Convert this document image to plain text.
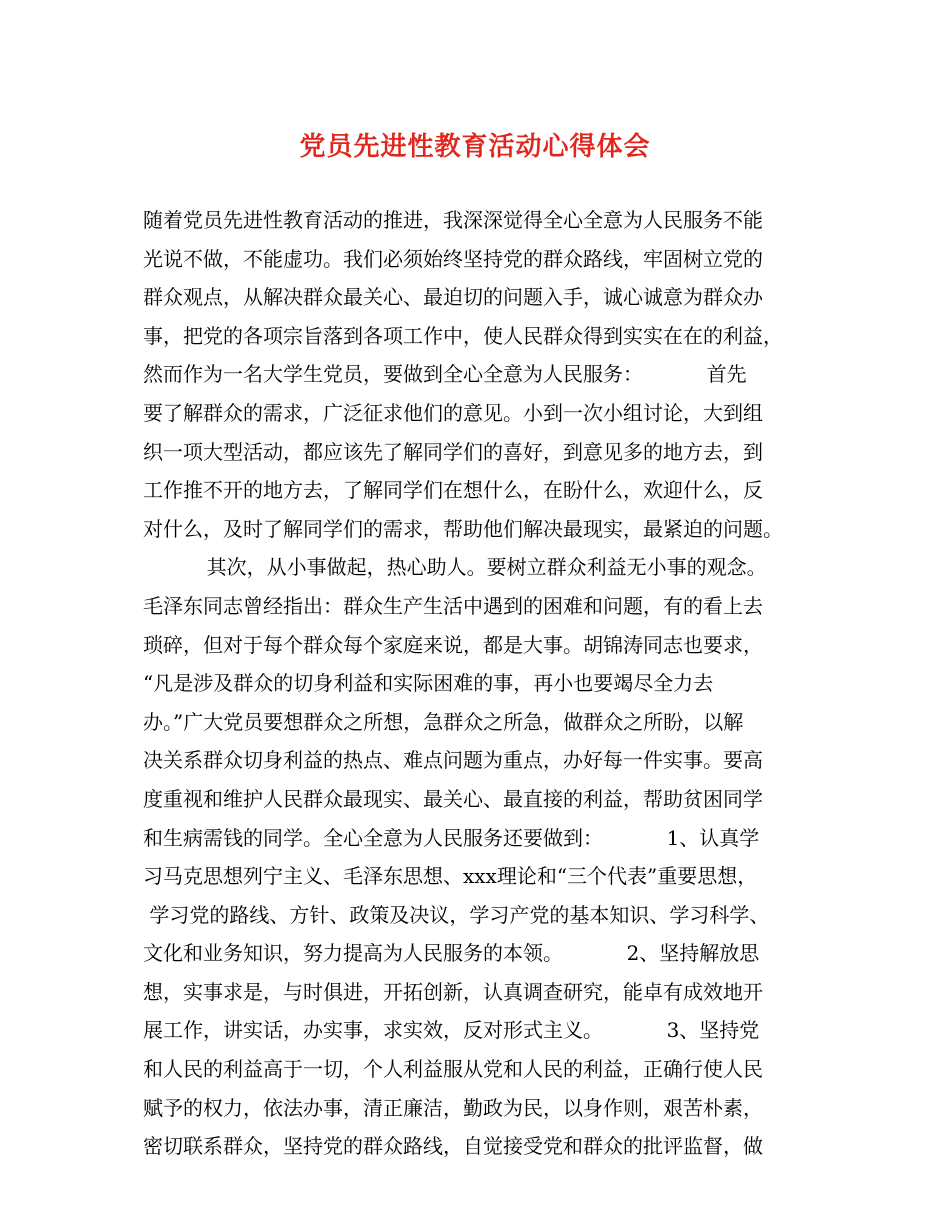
党员先进性教育活动心得体会
随着党员先进性教育活动的推进，我深深觉得全心全意为人民服务不能
光说不做，不能虚功。我们必须始终坚持党的群众路线，牢固树立党的
群众观点，从解决群众最关心、最迫切的问题入手，诚心诚意为群众办
事，把党的各项宗旨落到各项工作中，使人民群众得到实实在在的利益，
然而作为一名大学生党员，要做到全心全意为人民服务：          首先
要了解群众的需求，广泛征求他们的意见。小到一次小组讨论，大到组
织一项大型活动，都应该先了解同学们的喜好，到意见多的地方去，到
工作推不开的地方去，了解同学们在想什么，在盼什么，欢迎什么，反
对什么，及时了解同学们的需求，帮助他们解决最现实，最紧迫的问题。
其次，从小事做起，热心助人。要树立群众利益无小事的观念。
毛泽东同志曾经指出：群众生产生活中遇到的困难和问题，有的看上去
琐碎，但对于每个群众每个家庭来说，都是大事。胡锦涛同志也要求，
“凡是涉及群众的切身利益和实际困难的事，再小也要竭尽全力去
办。”广大党员要想群众之所想，急群众之所急，做群众之所盼，以解
决关系群众切身利益的热点、难点问题为重点，办好每一件实事。要高
度重视和维护人民群众最现实、最关心、最直接的利益，帮助贫困同学
和生病需钱的同学。全心全意为人民服务还要做到：          1、认真学
习马克思想列宁主义、毛泽东思想、xxx理论和“三个代表”重要思想，
学习党的路线、方针、政策及决议，学习产党的基本知识、学习科学、
文化和业务知识，努力提高为人民服务的本领。          2、坚持解放思
想，实事求是，与时俱进，开拓创新，认真调查研究，能卓有成效地开
展工作，讲实话，办实事，求实效，反对形式主义。          3、坚持党
和人民的利益高于一切，个人利益服从党和人民的利益，正确行使人民
赋予的权力，依法办事，清正廉洁，勤政为民，以身作则，艰苦朴素，
密切联系群众，坚持党的群众路线，自觉接受党和群众的批评监督，做
